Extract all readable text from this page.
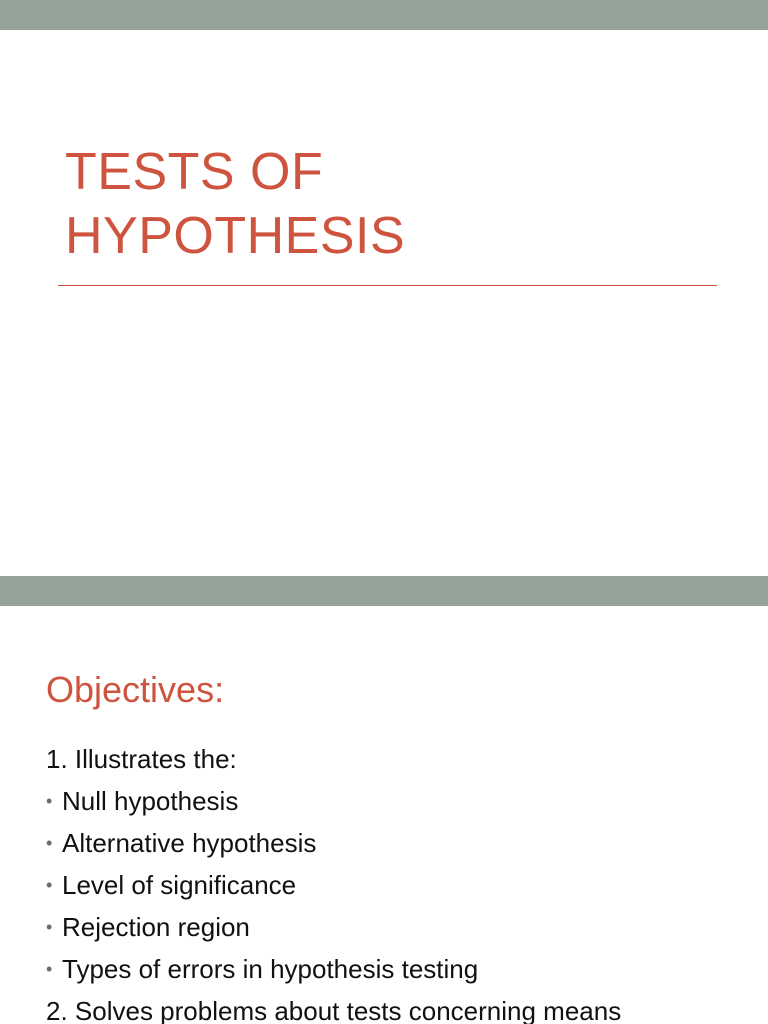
TESTS OF
HYPOTHESIS
Objectives:
1. Illustrates the:
• Null hypothesis
• Alternative hypothesis
• Level of significance
• Rejection region
• Types of errors in hypothesis testing
2. Solves problems about tests concerning means
